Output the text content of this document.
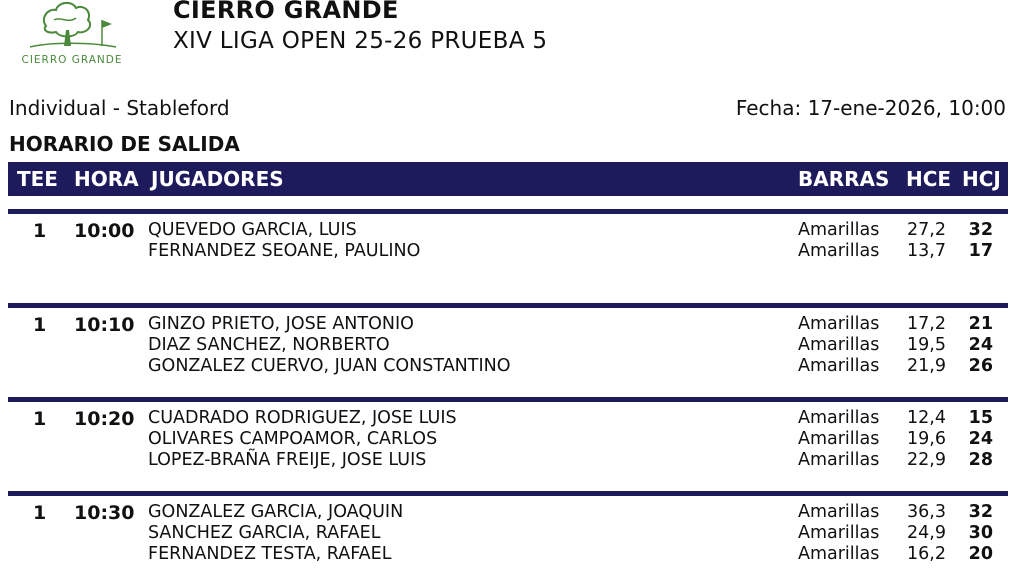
CIERRO GRANDE
CIERRO GRANDE
XIV LIGA OPEN 25-26 PRUEBA 5
Individual - Stableford	Fecha: 17-ene-2026, 10:00
HORARIO DE SALIDA
TEE HORA JUGADORES	BARRAS HCE HCJ
1 10:00 QUEVEDO GARCIA, LUIS	Amarillas 27,2 32
FERNANDEZ SEOANE, PAULINO	Amarillas 13,7 17
1 10:10 GINZO PRIETO, JOSE ANTONIO	Amarillas 17,2 21
DIAZ SANCHEZ, NORBERTO	Amarillas 19,5 24
GONZALEZ CUERVO, JUAN CONSTANTINO	Amarillas 21,9 26
1 10:20 CUADRADO RODRIGUEZ, JOSE LUIS	Amarillas 12,4 15
OLIVARES CAMPOAMOR, CARLOS	Amarillas 19,6 24
LOPEZ-BRAÑA FREIJE, JOSE LUIS	Amarillas 22,9 28
1 10:30 GONZALEZ GARCIA, JOAQUIN	Amarillas 36,3 32
SANCHEZ GARCIA, RAFAEL	Amarillas 24,9 30
FERNANDEZ TESTA, RAFAEL	Amarillas 16,2 20
